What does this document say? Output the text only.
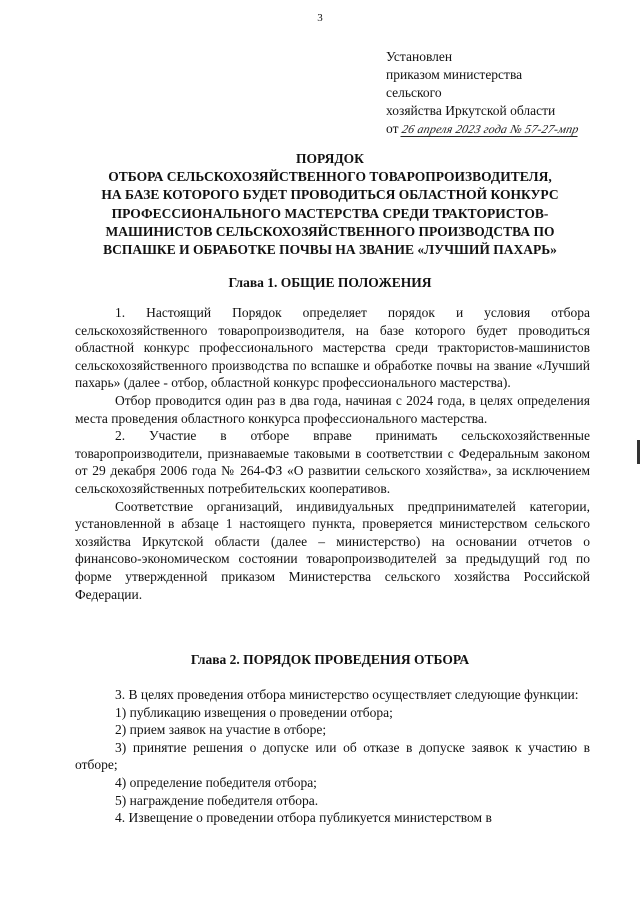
3
Установлен
приказом министерства
сельского
хозяйства Иркутской области
от 26 апреля 2023 года № 57-27-мпр
ПОРЯДОК
ОТБОРА СЕЛЬСКОХОЗЯЙСТВЕННОГО ТОВАРОПРОИЗВОДИТЕЛЯ,
НА БАЗЕ КОТОРОГО БУДЕТ ПРОВОДИТЬСЯ ОБЛАСТНОЙ КОНКУРС
ПРОФЕССИОНАЛЬНОГО МАСТЕРСТВА СРЕДИ ТРАКТОРИСТОВ-
МАШИНИСТОВ СЕЛЬСКОХОЗЯЙСТВЕННОГО ПРОИЗВОДСТВА ПО
ВСПАШКЕ И ОБРАБОТКЕ ПОЧВЫ НА ЗВАНИЕ «ЛУЧШИЙ ПАХАРЬ»
Глава 1. ОБЩИЕ ПОЛОЖЕНИЯ

1. Настоящий Порядок определяет порядок и условия отбора сельскохозяйственного товаропроизводителя, на базе которого будет проводиться областной конкурс профессионального мастерства среди трактористов-машинистов сельскохозяйственного производства по вспашке и обработке почвы на звание «Лучший пахарь» (далее - отбор, областной конкурс профессионального мастерства).

Отбор проводится один раз в два года, начиная с 2024 года, в целях определения места проведения областного конкурса профессионального мастерства.

2. Участие в отборе вправе принимать сельскохозяйственные товаропроизводители, признаваемые таковыми в соответствии с Федеральным законом от 29 декабря 2006 года № 264-ФЗ «О развитии сельского хозяйства», за исключением сельскохозяйственных потребительских кооперативов.

Соответствие организаций, индивидуальных предпринимателей категории, установленной в абзаце 1 настоящего пункта, проверяется министерством сельского хозяйства Иркутской области (далее – министерство) на основании отчетов о финансово-экономическом состоянии товаропроизводителей за предыдущий год по форме утвержденной приказом Министерства сельского хозяйства Российской Федерации.

Глава 2. ПОРЯДОК ПРОВЕДЕНИЯ ОТБОРА

3. В целях проведения отбора министерство осуществляет следующие функции:

1) публикацию извещения о проведении отбора;

2) прием заявок на участие в отборе;

3) принятие решения о допуске или об отказе в допуске заявок к участию в отборе;

4) определение победителя отбора;

5) награждение победителя отбора.

4. Извещение о проведении отбора публикуется министерством в
